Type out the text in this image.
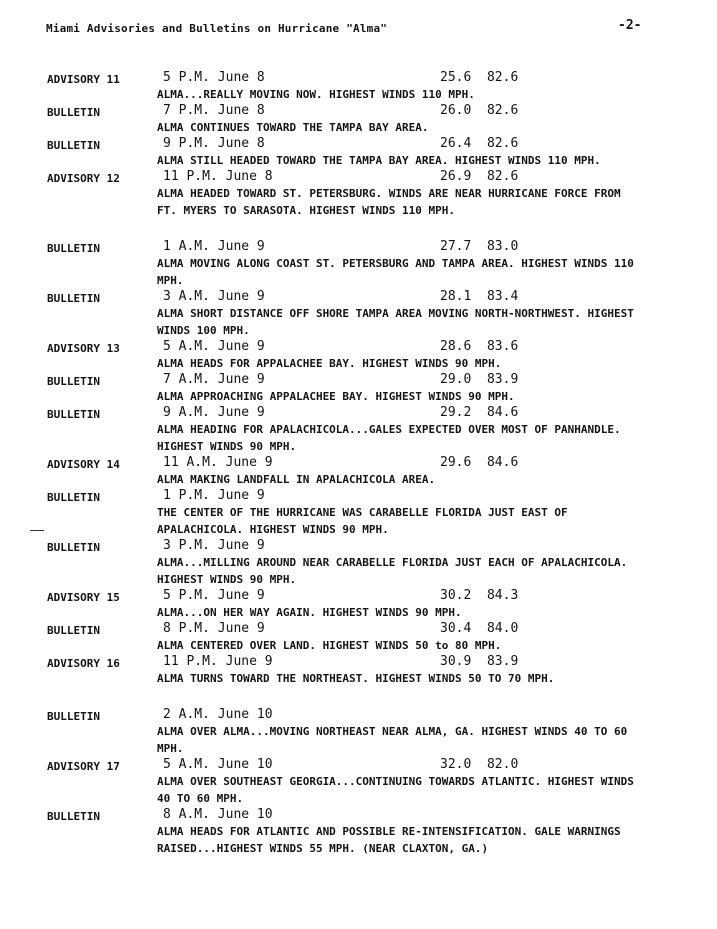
Miami Advisories and Bulletins on Hurricane "Alma"	-2-
ADVISORY 11	5 P.M. June 8	25.6  82.6
ALMA...REALLY MOVING NOW. HIGHEST WINDS 110 MPH.
BULLETIN	7 P.M. June 8	26.0  82.6
ALMA CONTINUES TOWARD THE TAMPA BAY AREA.
BULLETIN	9 P.M. June 8	26.4  82.6
ALMA STILL HEADED TOWARD THE TAMPA BAY AREA. HIGHEST WINDS 110 MPH.
ADVISORY 12	11 P.M. June 8	26.9  82.6
ALMA HEADED TOWARD ST. PETERSBURG. WINDS ARE NEAR HURRICANE FORCE FROM FT. MYERS TO SARASOTA. HIGHEST WINDS 110 MPH.
BULLETIN	1 A.M. June 9	27.7  83.0
ALMA MOVING ALONG COAST ST. PETERSBURG AND TAMPA AREA. HIGHEST WINDS 110 MPH.
BULLETIN	3 A.M. June 9	28.1  83.4
ALMA SHORT DISTANCE OFF SHORE TAMPA AREA MOVING NORTH-NORTHWEST. HIGHEST WINDS 100 MPH.
ADVISORY 13	5 A.M. June 9	28.6  83.6
ALMA HEADS FOR APPALACHEE BAY. HIGHEST WINDS 90 MPH.
BULLETIN	7 A.M. June 9	29.0  83.9
ALMA APPROACHING APPALACHEE BAY. HIGHEST WINDS 90 MPH.
BULLETIN	9 A.M. June 9	29.2  84.6
ALMA HEADING FOR APALACHICOLA...GALES EXPECTED OVER MOST OF PANHANDLE. HIGHEST WINDS 90 MPH.
ADVISORY 14	11 A.M. June 9	29.6  84.6
ALMA MAKING LANDFALL IN APALACHICOLA AREA.
BULLETIN	1 P.M. June 9
THE CENTER OF THE HURRICANE WAS CARABELLE FLORIDA JUST EAST OF APALACHICOLA. HIGHEST WINDS 90 MPH.
BULLETIN	3 P.M. June 9
ALMA...MILLING AROUND NEAR CARABELLE FLORIDA JUST EACH OF APALACHICOLA. HIGHEST WINDS 90 MPH.
ADVISORY 15	5 P.M. June 9	30.2  84.3
ALMA...ON HER WAY AGAIN. HIGHEST WINDS 90 MPH.
BULLETIN	8 P.M. June 9	30.4  84.0
ALMA CENTERED OVER LAND. HIGHEST WINDS 50 to 80 MPH.
ADVISORY 16	11 P.M. June 9	30.9  83.9
ALMA TURNS TOWARD THE NORTHEAST. HIGHEST WINDS 50 TO 70 MPH.
BULLETIN	2 A.M. June 10
ALMA OVER ALMA...MOVING NORTHEAST NEAR ALMA, GA. HIGHEST WINDS 40 TO 60 MPH.
ADVISORY 17	5 A.M. June 10	32.0  82.0
ALMA OVER SOUTHEAST GEORGIA...CONTINUING TOWARDS ATLANTIC. HIGHEST WINDS 40 TO 60 MPH.
BULLETIN	8 A.M. June 10
ALMA HEADS FOR ATLANTIC AND POSSIBLE RE-INTENSIFICATION. GALE WARNINGS RAISED...HIGHEST WINDS 55 MPH. (NEAR CLAXTON, GA.)
